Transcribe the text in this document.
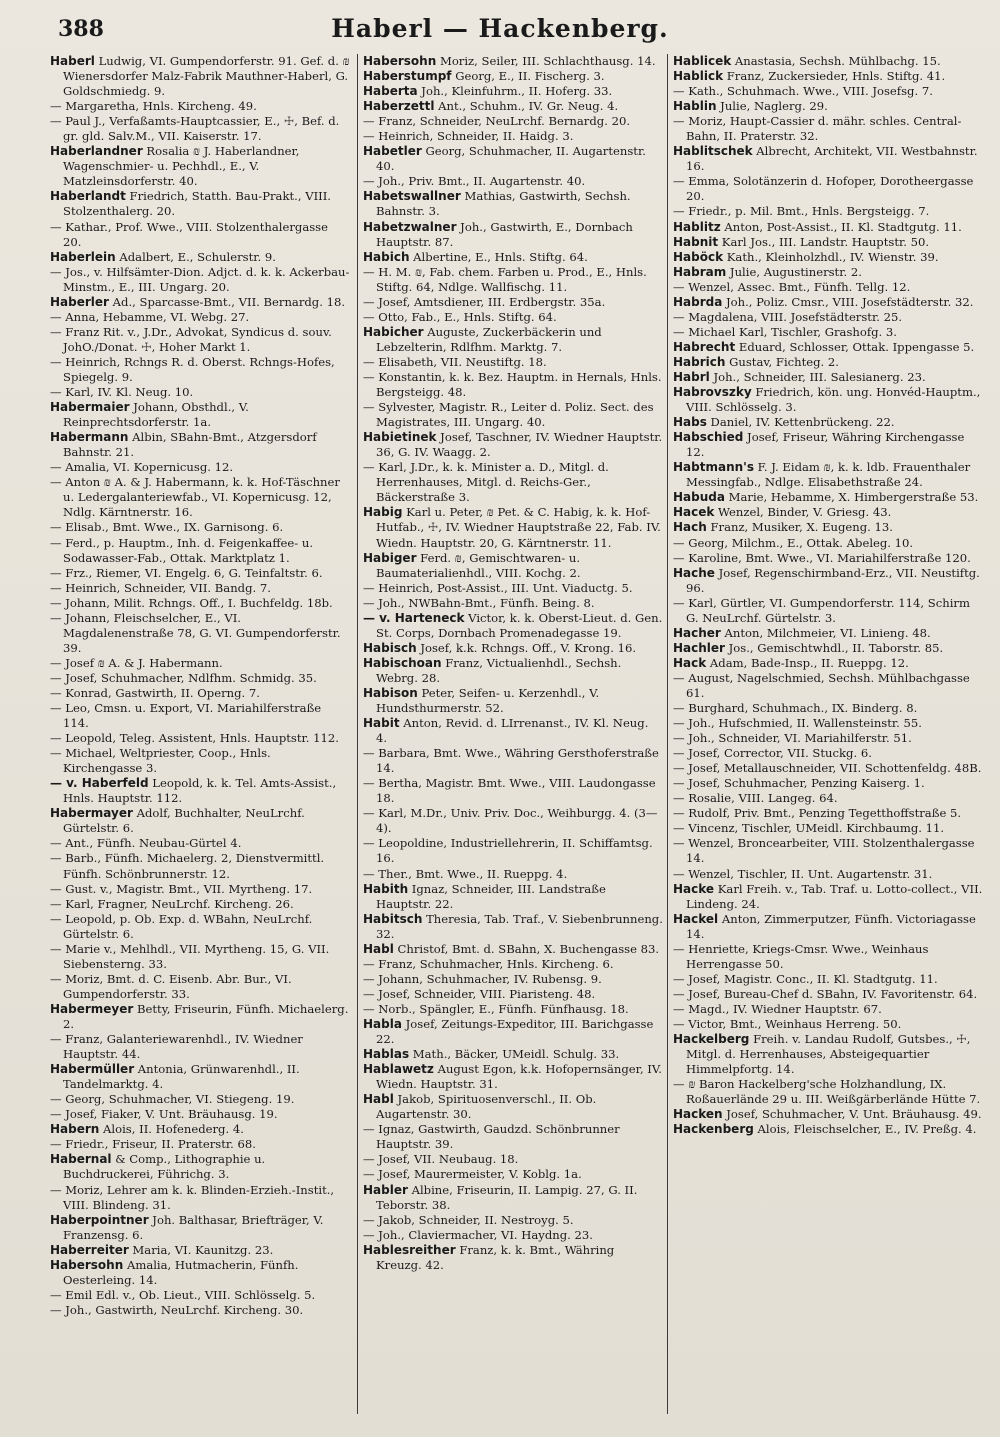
388	Haberl — Hackenberg.

Haberl Ludwig, VI. Gumpendorferstr. 91. Gef. d. ₪ Wienersdorfer Malz-Fabrik Mauthner-Haberl, G. Goldschmiedg. 9.

— Margaretha, Hnls. Kircheng. 49.

— Paul J., Verfaßamts-Hauptcassier, E., ☩, Bef. d. gr. gld. Salv.M., VII. Kaiserstr. 17.

Haberlandner Rosalia ₪ J. Haberlandner, Wagenschmier- u. Pechhdl., E., V. Matzleinsdorferstr. 40.

Haberlandt Friedrich, Statth. Bau-Prakt., VIII. Stolzenthalerg. 20.

— Kathar., Prof. Wwe., VIII. Stolzenthalergasse 20.

Haberlein Adalbert, E., Schulerstr. 9.

— Jos., v. Hilfsämter-Dion. Adjct. d. k. k. Ackerbau-Minstm., E., III. Ungarg. 20.

Haberler Ad., Sparcasse-Bmt., VII. Bernardg. 18.

— Anna, Hebamme, VI. Webg. 27.

— Franz Rit. v., J.Dr., Advokat, Syndicus d. souv. JohO./Donat. ☩, Hoher Markt 1.

— Heinrich, Rchngs R. d. Oberst. Rchngs-Hofes, Spiegelg. 9.

— Karl, IV. Kl. Neug. 10.

Habermaier Johann, Obsthdl., V. Reinprechtsdorferstr. 1a.

Habermann Albin, SBahn-Bmt., Atzgersdorf Bahnstr. 21.

— Amalia, VI. Kopernicusg. 12.

— Anton ₪ A. & J. Habermann, k. k. Hof-Täschner u. Ledergalanteriewfab., VI. Kopernicusg. 12, Ndlg. Kärntnerstr. 16.

— Elisab., Bmt. Wwe., IX. Garnisong. 6.

— Ferd., p. Hauptm., Inh. d. Feigenkaffee- u. Sodawasser-Fab., Ottak. Marktplatz 1.

— Frz., Riemer, VI. Engelg. 6, G. Teinfaltstr. 6.

— Heinrich, Schneider, VII. Bandg. 7.

— Johann, Milit. Rchngs. Off., I. Buchfeldg. 18b.

— Johann, Fleischselcher, E., VI. Magdalenenstraße 78, G. VI. Gumpendorferstr. 39.

— Josef ₪ A. & J. Habermann.

— Josef, Schuhmacher, Ndlfhm. Schmidg. 35.

— Konrad, Gastwirth, II. Operng. 7.

— Leo, Cmsn. u. Export, VI. Mariahilferstraße 114.

— Leopold, Teleg. Assistent, Hnls. Hauptstr. 112.

— Michael, Weltpriester, Coop., Hnls. Kirchengasse 3.

— v. Haberfeld Leopold, k. k. Tel. Amts-Assist., Hnls. Hauptstr. 112.

Habermayer Adolf, Buchhalter, NeuLrchf. Gürtelstr. 6.

— Ant., Fünfh. Neubau-Gürtel 4.

— Barb., Fünfh. Michaelerg. 2, Dienstvermittl. Fünfh. Schönbrunnerstr. 12.

— Gust. v., Magistr. Bmt., VII. Myrtheng. 17.

— Karl, Fragner, NeuLrchf. Kircheng. 26.

— Leopold, p. Ob. Exp. d. WBahn, NeuLrchf. Gürtelstr. 6.

— Marie v., Mehlhdl., VII. Myrtheng. 15, G. VII. Siebensterng. 33.

— Moriz, Bmt. d. C. Eisenb. Abr. Bur., VI. Gumpendorferstr. 33.

Habermeyer Betty, Friseurin, Fünfh. Michaelerg. 2.

— Franz, Galanteriewarenhdl., IV. Wiedner Hauptstr. 44.

Habermüller Antonia, Grünwarenhdl., II. Tandelmarktg. 4.

— Georg, Schuhmacher, VI. Stiegeng. 19.

— Josef, Fiaker, V. Unt. Bräuhausg. 19.

Habern Alois, II. Hofenederg. 4.

— Friedr., Friseur, II. Praterstr. 68.

Habernal & Comp., Lithographie u. Buchdruckerei, Führichg. 3.

— Moriz, Lehrer am k. k. Blinden-Erzieh.-Instit., VIII. Blindeng. 31.

Haberpointner Joh. Balthasar, Briefträger, V. Franzensg. 6.

Haberreiter Maria, VI. Kaunitzg. 23.

Habersohn Amalia, Hutmacherin, Fünfh. Oesterleing. 14.

— Emil Edl. v., Ob. Lieut., VIII. Schlösselg. 5.

— Joh., Gastwirth, NeuLrchf. Kircheng. 30.

Habersohn Moriz, Seiler, III. Schlachthausg. 14.

Haberstumpf Georg, E., II. Fischerg. 3.

Haberta Joh., Kleinfuhrm., II. Hoferg. 33.

Haberzettl Ant., Schuhm., IV. Gr. Neug. 4.

— Franz, Schneider, NeuLrchf. Bernardg. 20.

— Heinrich, Schneider, II. Haidg. 3.

Habetler Georg, Schuhmacher, II. Augartenstr. 40.

— Joh., Priv. Bmt., II. Augartenstr. 40.

Habetswallner Mathias, Gastwirth, Sechsh. Bahnstr. 3.

Habetzwalner Joh., Gastwirth, E., Dornbach Hauptstr. 87.

Habich Albertine, E., Hnls. Stiftg. 64.

— H. M. ₪, Fab. chem. Farben u. Prod., E., Hnls. Stiftg. 64, Ndlge. Wallfischg. 11.

— Josef, Amtsdiener, III. Erdbergstr. 35a.

— Otto, Fab., E., Hnls. Stiftg. 64.

Habicher Auguste, Zuckerbäckerin und Lebzelterin, Rdlfhm. Marktg. 7.

— Elisabeth, VII. Neustiftg. 18.

— Konstantin, k. k. Bez. Hauptm. in Hernals, Hnls. Bergsteigg. 48.

— Sylvester, Magistr. R., Leiter d. Poliz. Sect. des Magistrates, III. Ungarg. 40.

Habietinek Josef, Taschner, IV. Wiedner Hauptstr. 36, G. IV. Waagg. 2.

— Karl, J.Dr., k. k. Minister a. D., Mitgl. d. Herrenhauses, Mitgl. d. Reichs-Ger., Bäckerstraße 3.

Habig Karl u. Peter, ₪ Pet. & C. Habig, k. k. Hof-Hutfab., ☩, IV. Wiedner Hauptstraße 22, Fab. IV. Wiedn. Hauptstr. 20, G. Kärntnerstr. 11.

Habiger Ferd. ₪, Gemischtwaren- u. Baumaterialienhdl., VIII. Kochg. 2.

— Heinrich, Post-Assist., III. Unt. Viaductg. 5.

— Joh., NWBahn-Bmt., Fünfh. Being. 8.

— v. Harteneck Victor, k. k. Oberst-Lieut. d. Gen. St. Corps, Dornbach Promenadegasse 19.

Habisch Josef, k.k. Rchngs. Off., V. Krong. 16.

Habischoan Franz, Victualienhdl., Sechsh. Webrg. 28.

Habison Peter, Seifen- u. Kerzenhdl., V. Hundsthurmerstr. 52.

Habit Anton, Revid. d. LIrrenanst., IV. Kl. Neug. 4.

— Barbara, Bmt. Wwe., Währing Gersthoferstraße 14.

— Bertha, Magistr. Bmt. Wwe., VIII. Laudongasse 18.

— Karl, M.Dr., Univ. Priv. Doc., Weihburgg. 4. (3—4).

— Leopoldine, Industriellehrerin, II. Schiffamtsg. 16.

— Ther., Bmt. Wwe., II. Rueppg. 4.

Habith Ignaz, Schneider, III. Landstraße Hauptstr. 22.

Habitsch Theresia, Tab. Traf., V. Siebenbrunneng. 32.

Habl Christof, Bmt. d. SBahn, X. Buchengasse 83.

— Franz, Schuhmacher, Hnls. Kircheng. 6.

— Johann, Schuhmacher, IV. Rubensg. 9.

— Josef, Schneider, VIII. Piaristeng. 48.

— Norb., Spängler, E., Fünfh. Fünfhausg. 18.

Habla Josef, Zeitungs-Expeditor, III. Barichgasse 22.

Hablas Math., Bäcker, UMeidl. Schulg. 33.

Hablawetz August Egon, k.k. Hofopernsänger, IV. Wiedn. Hauptstr. 31.

Habl Jakob, Spirituosenverschl., II. Ob. Augartenstr. 30.

— Ignaz, Gastwirth, Gaudzd. Schönbrunner Hauptstr. 39.

— Josef, VII. Neubaug. 18.

— Josef, Maurermeister, V. Koblg. 1a.

Habler Albine, Friseurin, II. Lampig. 27, G. II. Teborstr. 38.

— Jakob, Schneider, II. Nestroyg. 5.

— Joh., Claviermacher, VI. Haydng. 23.

Hablesreither Franz, k. k. Bmt., Währing Kreuzg. 42.

Hablicek Anastasia, Sechsh. Mühlbachg. 15.

Hablick Franz, Zuckersieder, Hnls. Stiftg. 41.

— Kath., Schuhmach. Wwe., VIII. Josefsg. 7.

Hablin Julie, Naglerg. 29.

— Moriz, Haupt-Cassier d. mähr. schles. Central-Bahn, II. Praterstr. 32.

Hablitschek Albrecht, Architekt, VII. Westbahnstr. 16.

— Emma, Solotänzerin d. Hofoper, Dorotheergasse 20.

— Friedr., p. Mil. Bmt., Hnls. Bergsteigg. 7.

Hablitz Anton, Post-Assist., II. Kl. Stadtgutg. 11.

Habnit Karl Jos., III. Landstr. Hauptstr. 50.

Haböck Kath., Kleinholzhdl., IV. Wienstr. 39.

Habram Julie, Augustinerstr. 2.

— Wenzel, Assec. Bmt., Fünfh. Tellg. 12.

Habrda Joh., Poliz. Cmsr., VIII. Josefstädterstr. 32.

— Magdalena, VIII. Josefstädterstr. 25.

— Michael Karl, Tischler, Grashofg. 3.

Habrecht Eduard, Schlosser, Ottak. Ippengasse 5.

Habrich Gustav, Fichteg. 2.

Habrl Joh., Schneider, III. Salesianerg. 23.

Habrovszky Friedrich, kön. ung. Honvéd-Hauptm., VIII. Schlösselg. 3.

Habs Daniel, IV. Kettenbrückeng. 22.

Habschied Josef, Friseur, Währing Kirchengasse 12.

Habtmann's F. J. Eidam ₪, k. k. ldb. Frauenthaler Messingfab., Ndlge. Elisabethstraße 24.

Habuda Marie, Hebamme, X. Himbergerstraße 53.

Hacek Wenzel, Binder, V. Griesg. 43.

Hach Franz, Musiker, X. Eugeng. 13.

— Georg, Milchm., E., Ottak. Abeleg. 10.

— Karoline, Bmt. Wwe., VI. Mariahilferstraße 120.

Hache Josef, Regenschirmband-Erz., VII. Neustiftg. 96.

— Karl, Gürtler, VI. Gumpendorferstr. 114, Schirm G. NeuLrchf. Gürtelstr. 3.

Hacher Anton, Milchmeier, VI. Linieng. 48.

Hachler Jos., Gemischtwhdl., II. Taborstr. 85.

Hack Adam, Bade-Insp., II. Rueppg. 12.

— August, Nagelschmied, Sechsh. Mühlbachgasse 61.

— Burghard, Schuhmach., IX. Binderg. 8.

— Joh., Hufschmied, II. Wallensteinstr. 55.

— Joh., Schneider, VI. Mariahilferstr. 51.

— Josef, Corrector, VII. Stuckg. 6.

— Josef, Metallauschneider, VII. Schottenfeldg. 48B.

— Josef, Schuhmacher, Penzing Kaiserg. 1.

— Rosalie, VIII. Langeg. 64.

— Rudolf, Priv. Bmt., Penzing Tegetthoffstraße 5.

— Vincenz, Tischler, UMeidl. Kirchbaumg. 11.

— Wenzel, Broncearbeiter, VIII. Stolzenthalergasse 14.

— Wenzel, Tischler, II. Unt. Augartenstr. 31.

Hacke Karl Freih. v., Tab. Traf. u. Lotto-collect., VII. Lindeng. 24.

Hackel Anton, Zimmerputzer, Fünfh. Victoriagasse 14.

— Henriette, Kriegs-Cmsr. Wwe., Weinhaus Herrengasse 50.

— Josef, Magistr. Conc., II. Kl. Stadtgutg. 11.

— Josef, Bureau-Chef d. SBahn, IV. Favoritenstr. 64.

— Magd., IV. Wiedner Hauptstr. 67.

— Victor, Bmt., Weinhaus Herreng. 50.

Hackelberg Freih. v. Landau Rudolf, Gutsbes., ☩, Mitgl. d. Herrenhauses, Absteigequartier Himmelpfortg. 14.

— ₪ Baron Hackelberg'sche Holzhandlung, IX. Roßauerlände 29 u. III. Weißgärberlände Hütte 7.

Hacken Josef, Schuhmacher, V. Unt. Bräuhausg. 49.

Hackenberg Alois, Fleischselcher, E., IV. Preßg. 4.
